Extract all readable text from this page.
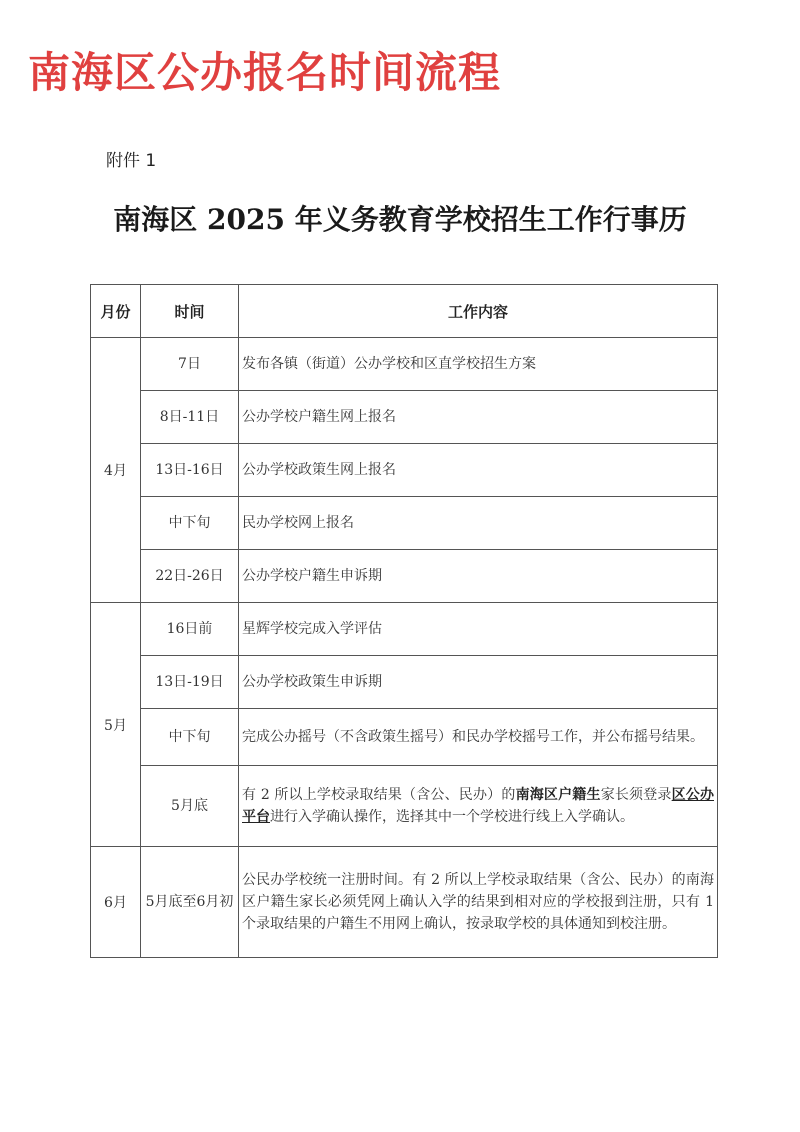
南海区公办报名时间流程
附件 1
南海区 2025 年义务教育学校招生工作行事历
月份	时间	工作内容
4月	7日	发布各镇（街道）公办学校和区直学校招生方案
	8日-11日	公办学校户籍生网上报名
	13日-16日	公办学校政策生网上报名
	中下旬	民办学校网上报名
	22日-26日	公办学校户籍生申诉期
5月	16日前	星辉学校完成入学评估
	13日-19日	公办学校政策生申诉期
	中下旬	完成公办摇号（不含政策生摇号）和民办学校摇号工作，并公布摇号结果。
	5月底	有 2 所以上学校录取结果（含公、民办）的南海区户籍生家长须登录区公办平台进行入学确认操作，选择其中一个学校进行线上入学确认。
6月	5月底至6月初	公民办学校统一注册时间。有 2 所以上学校录取结果（含公、民办）的南海区户籍生家长必须凭网上确认入学的结果到相对应的学校报到注册，只有 1 个录取结果的户籍生不用网上确认，按录取学校的具体通知到校注册。
